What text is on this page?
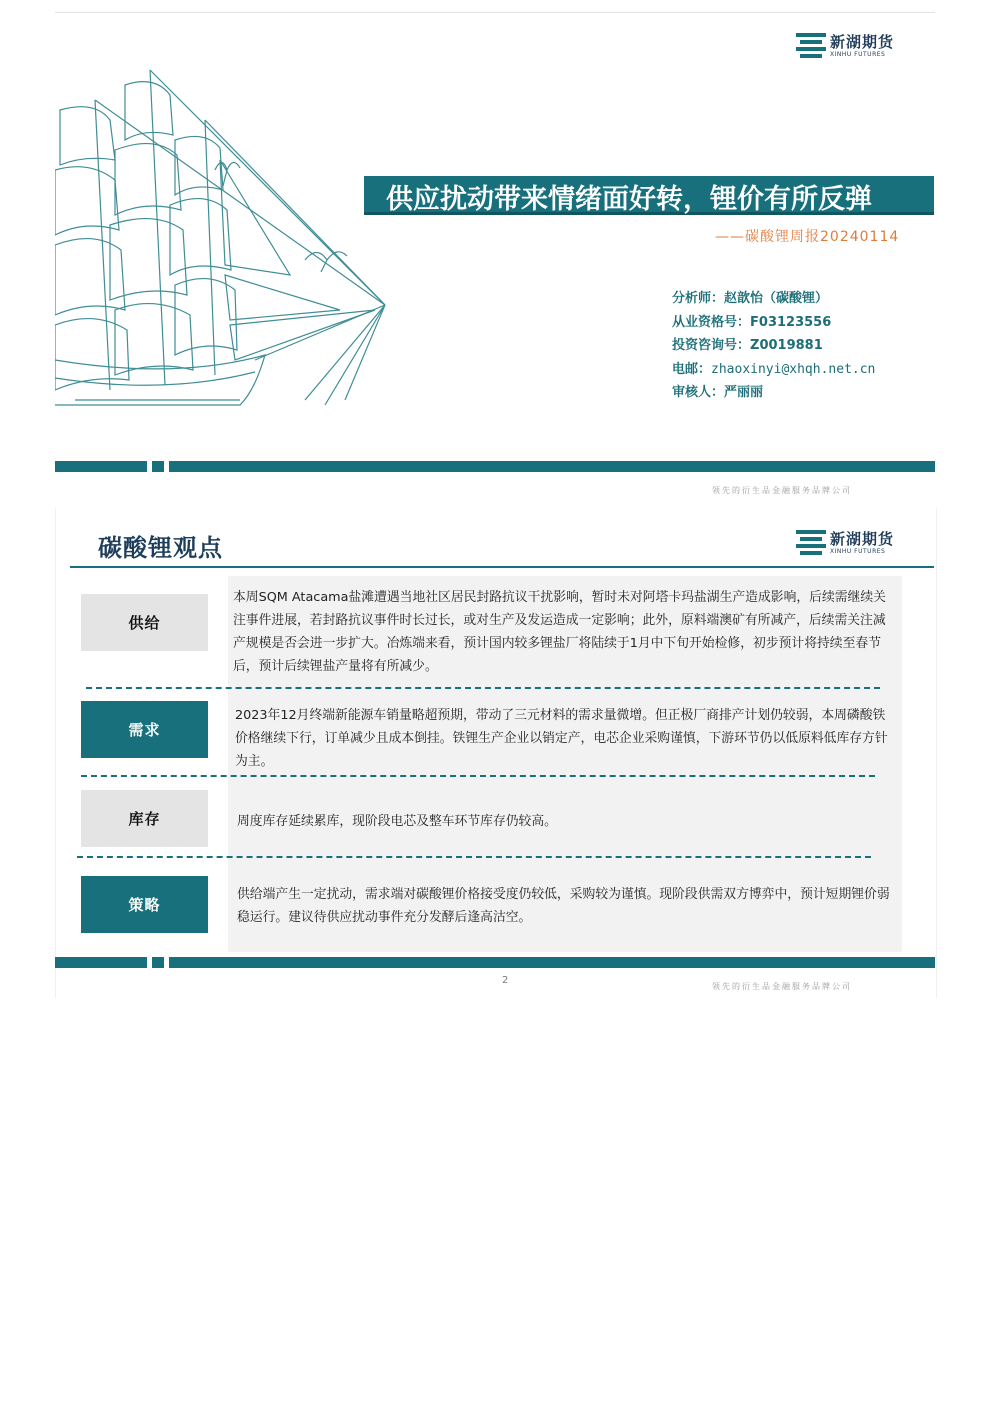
新湖期货
XINHU FUTURES
供应扰动带来情绪面好转，锂价有所反弹
——碳酸锂周报20240114
分析师：赵歆怡（碳酸锂）
从业资格号：F03123556
投资咨询号：Z0019881
电邮：zhaoxinyi@xhqh.net.cn
审核人：严丽丽
领先的衍生品金融服务品牌公司
碳酸锂观点	新湖期货
XINHU FUTURES
供给
本周SQM Atacama盐滩遭遇当地社区居民封路抗议干扰影响，暂时未对阿塔卡玛盐湖生产造成影响，后续需继续关注事件进展，若封路抗议事件时长过长，或对生产及发运造成一定影响；此外，原料端澳矿有所减产，后续需关注减产规模是否会进一步扩大。冶炼端来看，预计国内较多锂盐厂将陆续于1月中下旬开始检修，初步预计将持续至春节后，预计后续锂盐产量将有所减少。
需求
2023年12月终端新能源车销量略超预期，带动了三元材料的需求量微增。但正极厂商排产计划仍较弱，本周磷酸铁价格继续下行，订单减少且成本倒挂。铁锂生产企业以销定产，电芯企业采购谨慎，下游环节仍以低原料低库存方针为主。
库存	周度库存延续累库，现阶段电芯及整车环节库存仍较高。
策略
供给端产生一定扰动，需求端对碳酸锂价格接受度仍较低，采购较为谨慎。现阶段供需双方博弈中，预计短期锂价弱稳运行。建议待供应扰动事件充分发酵后逢高沽空。
2
领先的衍生品金融服务品牌公司
